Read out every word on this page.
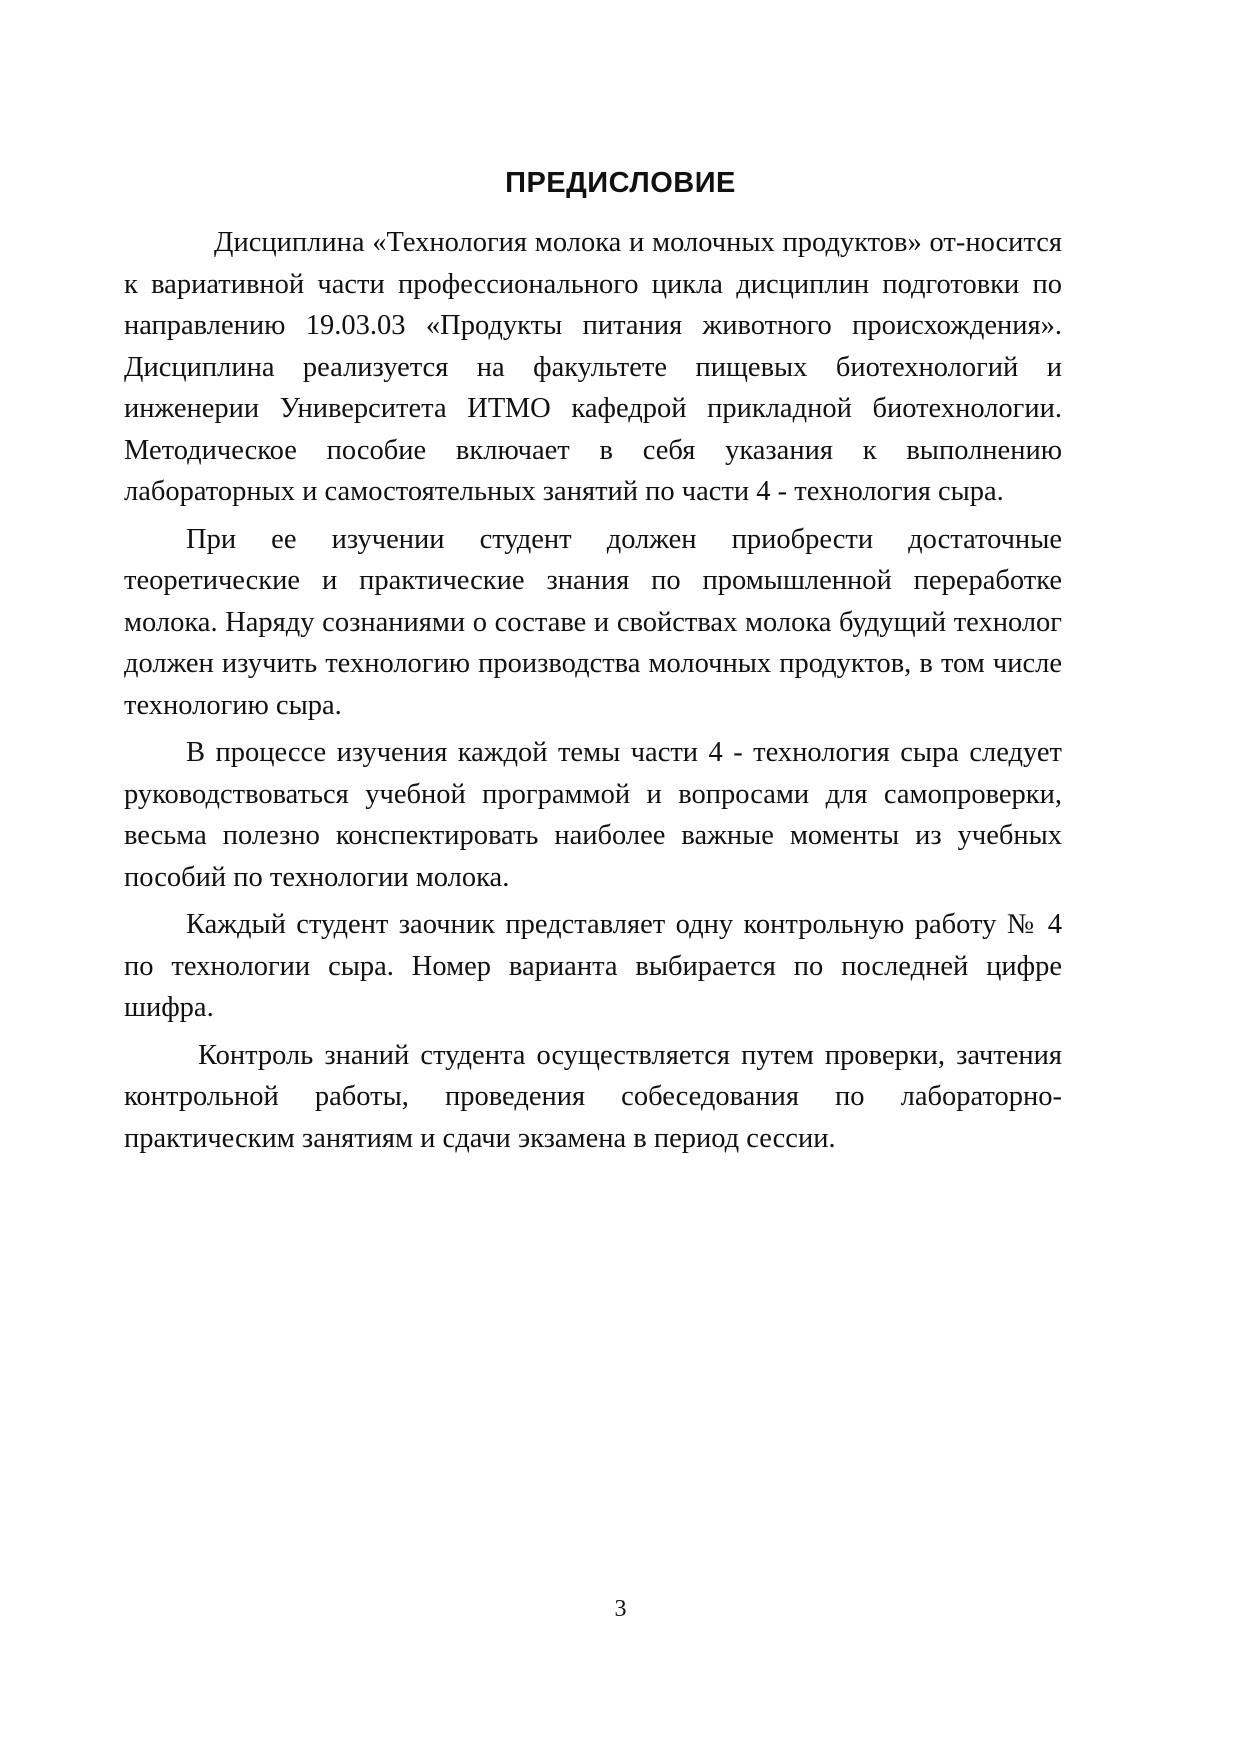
ПРЕДИСЛОВИЕ

Дисциплина «Технология молока и молочных продуктов» от-носится к вариативной части профессионального цикла дисциплин подготовки по направлению 19.03.03 «Продукты питания животного происхождения». Дисциплина реализуется на факультете пищевых биотехнологий и инженерии Университета ИТМО кафедрой прикладной биотехнологии. Методическое пособие включает в себя указания к выполнению лабораторных и самостоятельных занятий по части 4 - технология сыра.

При ее изучении студент должен приобрести достаточные теоретические и практические знания по промышленной переработке молока. Наряду сознаниями о составе и свойствах молока будущий технолог должен изучить технологию производства молочных продуктов, в том числе технологию сыра.

В процессе изучения каждой темы части 4 - технология сыра следует руководствоваться учебной программой и вопросами для самопроверки, весьма полезно конспектировать наиболее важные моменты из учебных пособий по технологии молока.

Каждый студент заочник представляет одну контрольную работу № 4 по технологии сыра. Номер варианта выбирается по последней цифре шифра.

Контроль знаний студента осуществляется путем проверки, зачтения контрольной работы, проведения собеседования по лабораторно-практическим занятиям и сдачи экзамена в период сессии.

3
